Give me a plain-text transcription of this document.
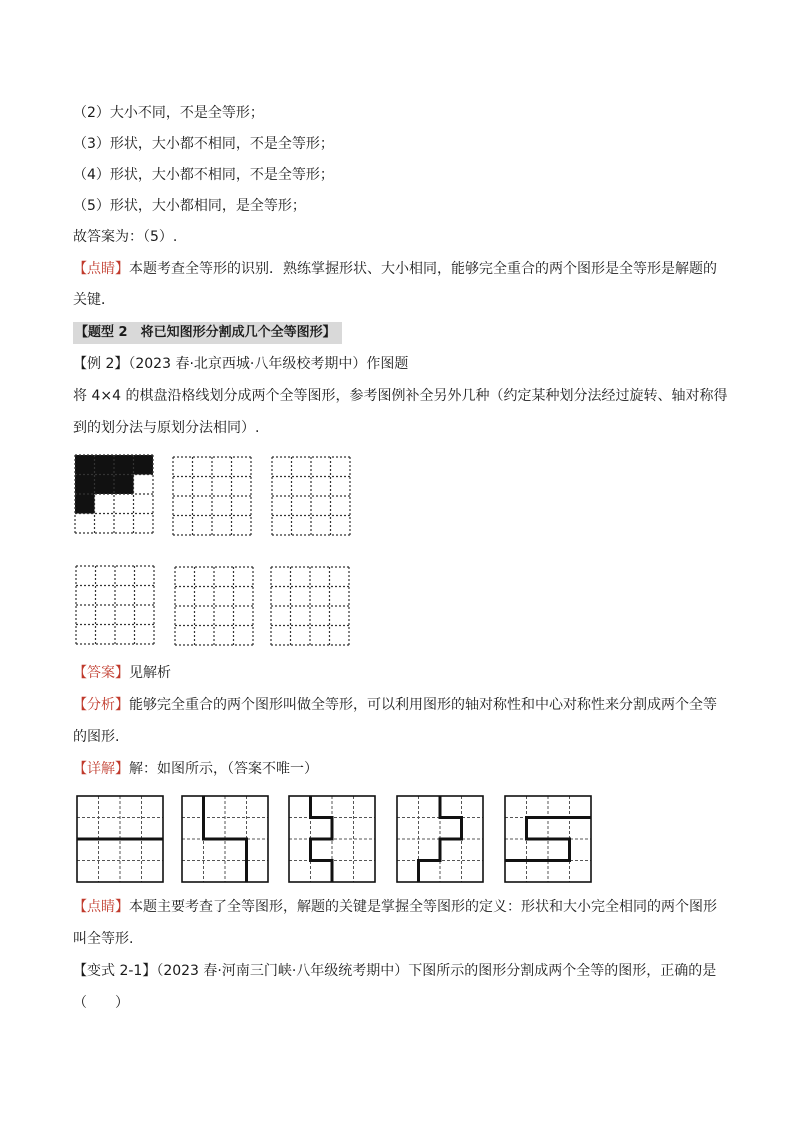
（2）大小不同，不是全等形；
（3）形状，大小都不相同，不是全等形；
（4）形状，大小都不相同，不是全等形；
（5）形状，大小都相同，是全等形；
故答案为：（5）.
【点睛】本题考查全等形的识别．熟练掌握形状、大小相同，能够完全重合的两个图形是全等形是解题的
关键．
【题型 2　将已知图形分割成几个全等图形】
【例 2】（2023 春·北京西城·八年级校考期中）作图题
将 4×4 的棋盘沿格线划分成两个全等图形，参考图例补全另外几种（约定某种划分法经过旋转、轴对称得
到的划分法与原划分法相同）.
【答案】见解析
【分析】能够完全重合的两个图形叫做全等形，可以利用图形的轴对称性和中心对称性来分割成两个全等
的图形.
【详解】解：如图所示，（答案不唯一）
【点睛】本题主要考查了全等图形，解题的关键是掌握全等图形的定义：形状和大小完全相同的两个图形
叫全等形.
【变式 2-1】（2023 春·河南三门峡·八年级统考期中）下图所示的图形分割成两个全等的图形，正确的是
（　　）
